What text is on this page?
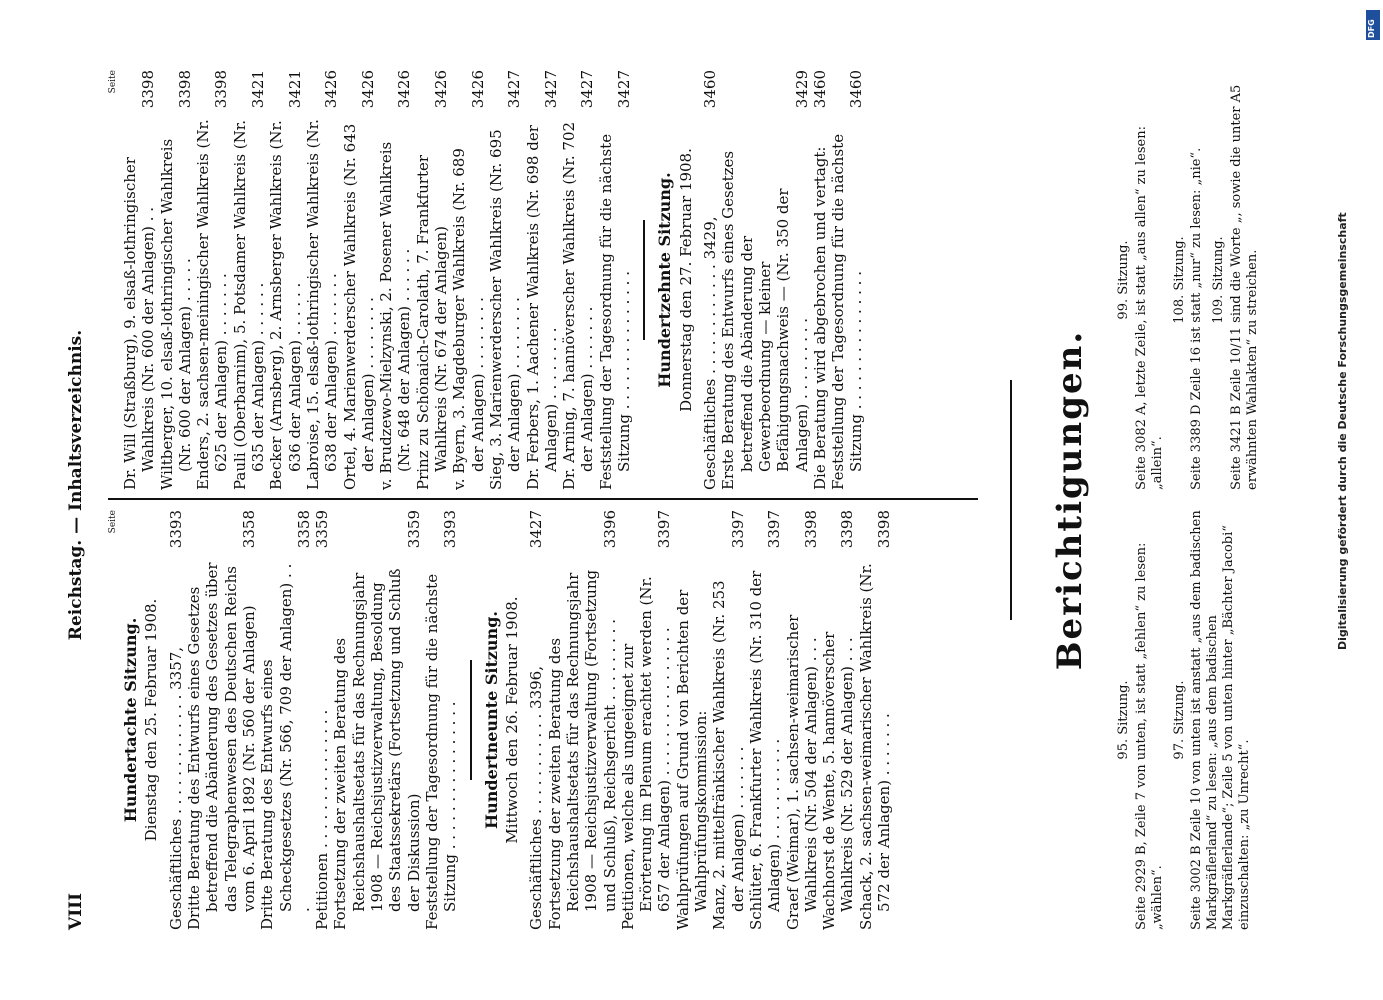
VIII
Reichstag. — Inhaltsverzeichnis. Seite
Hundertachte Sitzung. Dienstag den 25. Februar 1908. Geschäftliches . . . . . . . . . . . . . 3357,
3393
Dritte Beratung des Entwurfs eines Gesetzes betreffend die Abänderung des Gesetzes über das Telegraphenwesen des Deutschen Reichs vom 6. April 1892 (Nr. 560 der Anlagen)
3358
Dritte Beratung des Entwurfs eines Scheckgesetzes (Nr. 566, 709 der Anlagen) . . .
3358
Petitionen . . . . . . . . . . . . . . .
3359
Fortsetzung der zweiten Beratung des Reichshaushaltsetats für das Rechnungsjahr 1908 — Reichsjustizverwaltung, Besoldung des Staatssekretärs (Fortsetzung und Schluß der Diskussion)
3359
Feststellung der Tagesordnung für die nächste Sitzung . . . . . . . . . . . . . . . .
3393
Hundertneunte Sitzung. Mittwoch den 26. Februar 1908. Geschäftliches . . . . . . . . . . . 3396,
3427
Fortsetzung der zweiten Beratung des Reichshaushaltsetats für das Rechnungsjahr 1908 — Reichsjustizverwaltung (Fortsetzung und Schluß), Reichsgericht . . . . . . . . .
3396
Petitionen, welche als ungeeignet zur Erörterung im Plenum erachtet werden (Nr. 657 der Anlagen) . . . . . . . . . . . . . . . .
3397
Wahlprüfungen auf Grund von Berichten der Wahlprüfungskommission: Manz, 2. mittelfränkischer Wahlkreis (Nr. 253 der Anlagen) . . . . . . .
3397
Schlüter, 6. Frankfurter Wahlkreis (Nr. 310 der Anlagen) . . . . . . . . . . .
3397
Graef (Weimar), 1. sachsen-weimarischer Wahlkreis (Nr. 504 der Anlagen) . . .
3398
Wachhorst de Wente, 5. hannöverscher Wahlkreis (Nr. 529 der Anlagen) . . .
3398
Schack, 2. sachsen-weimarischer Wahlkreis (Nr. 572 der Anlagen) . . . . . . .
3398
Seite
Dr. Will (Straßburg), 9. elsaß-lothringischer Wahlkreis (Nr. 600 der Anlagen) . .
3398
Wiltberger, 10. elsaß-lothringischer Wahlkreis (Nr. 600 der Anlagen) . . . . .
3398
Enders, 2. sachsen-meiningischer Wahlkreis (Nr. 625 der Anlagen) . . . . . . .
3398
Pauli (Oberbarnim), 5. Potsdamer Wahlkreis (Nr. 635 der Anlagen) . . . . . .
3421
Becker (Arnsberg), 2. Arnsberger Wahlkreis (Nr. 636 der Anlagen) . . . . . .
3421
Labroise, 15. elsaß-lothringischer Wahlkreis (Nr. 638 der Anlagen) . . . . . . .
3426
Ortel, 4. Marienwerderscher Wahlkreis (Nr. 643 der Anlagen) . . . . . . . .
3426
v. Brudzewo-Mielzynski, 2. Posener Wahlkreis (Nr. 648 der Anlagen) . . . . . .
3426
Prinz zu Schönaich-Carolath, 7. Frankfurter Wahlkreis (Nr. 674 der Anlagen)
3426
v. Byern, 3. Magdeburger Wahlkreis (Nr. 689 der Anlagen) . . . . . . . .
3426
Sieg, 3. Marienwerderscher Wahlkreis (Nr. 695 der Anlagen) . . . . . . . .
3427
Dr. Ferbers, 1. Aachener Wahlkreis (Nr. 698 der Anlagen) . . . . . . . .
3427
Dr. Arning, 7. hannöverscher Wahlkreis (Nr. 702 der Anlagen) . . . . . . .
3427
Feststellung der Tagesordnung für die nächste Sitzung . . . . . . . . . . . . . . .
3427
Hundertzehnte Sitzung. Donnerstag den 27. Februar 1908. Geschäftliches . . . . . . . . . . . . 3429,
3460
Erste Beratung des Entwurfs eines Gesetzes betreffend die Abänderung der Gewerbeordnung — kleiner Befähigungsnachweis — (Nr. 350 der Anlagen) . . . . . . . . .
3429
Die Beratung wird abgebrochen und vertagt:
3460
Feststellung der Tagesordnung für die nächste Sitzung . . . . . . . . . . . . . . .
3460
Berichtigungen.
95. Sitzung. Seite 2929 B, Zeile 7 von unten, ist statt „fehlen“ zu lesen: „wählen“.

97. Sitzung. Seite 3002 B Zeile 10 von unten ist anstatt „aus dem badischen Markgräflerland“ zu lesen: „aus dem badischen Markgräflerlande“; Zeile 5 von unten hinter „Bächter Jacobi“ einzuschalten: „zu Unrecht“.

99. Sitzung. Seite 3082 A, letzte Zeile, ist statt „aus allen“ zu lesen: „allein“.

108. Sitzung. Seite 3389 D Zeile 16 ist statt „nur“ zu lesen: „nie“. 109. Sitzung. Seite 3421 B Zeile 10/11 sind die Worte „, sowie die unter A5 erwähnten Wahlakten“ zu streichen.	Digitalisierung gefördert durch die Deutsche Forschungsgemeinschaft
DFG
